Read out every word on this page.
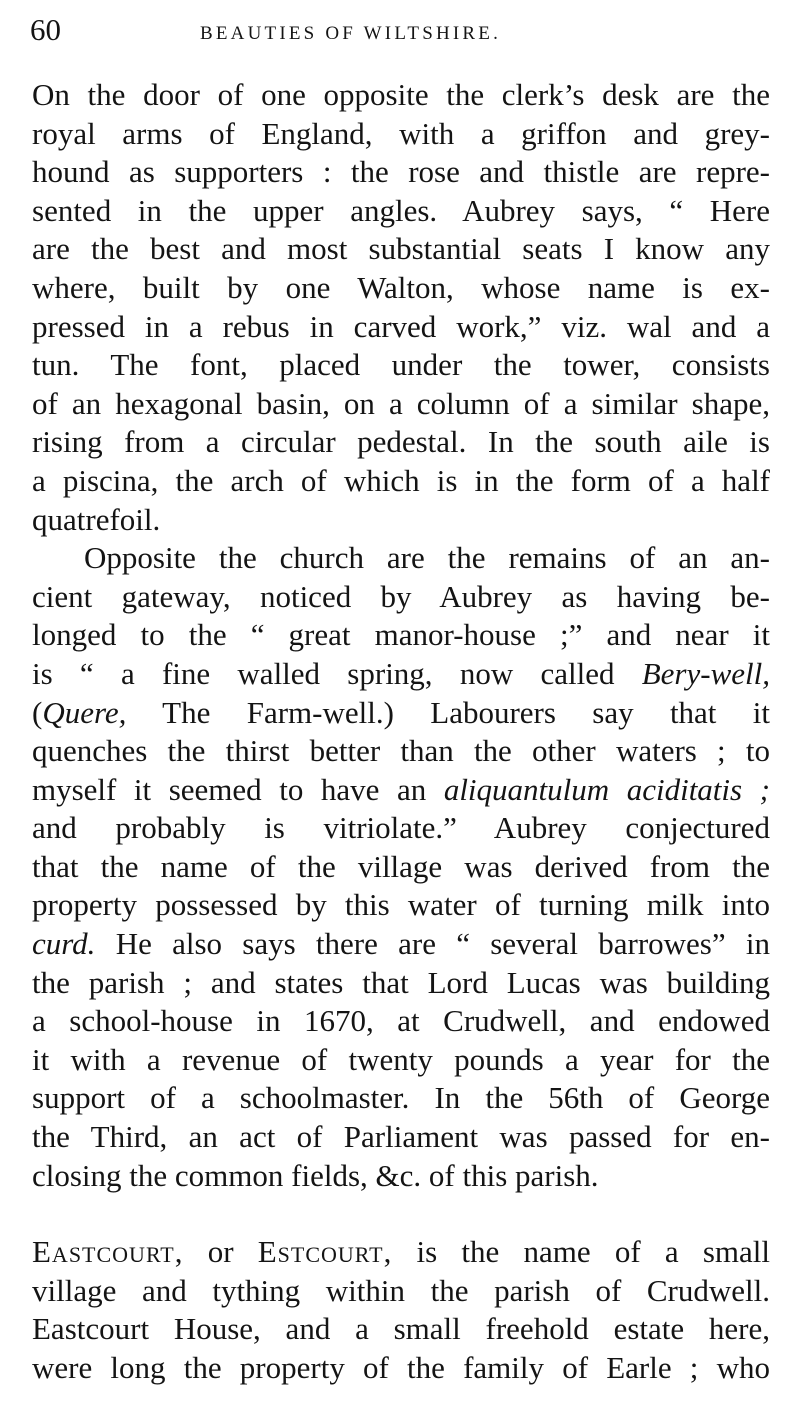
60	BEAUTIES OF WILTSHIRE.
On the door of one opposite the clerk’s desk are the
royal arms of England, with a griffon and grey-
hound as supporters : the rose and thistle are repre-
sented in the upper angles. Aubrey says, “ Here
are the best and most substantial seats I know any
where, built by one Walton, whose name is ex-
pressed in a rebus in carved work,” viz. wal and a
tun. The font, placed under the tower, consists
of an hexagonal basin, on a column of a similar shape,
rising from a circular pedestal. In the south aile is
a piscina, the arch of which is in the form of a half
quatrefoil.
Opposite the church are the remains of an an-
cient gateway, noticed by Aubrey as having be-
longed to the “ great manor-house ;” and near it
is “ a fine walled spring, now called Bery-well,
(Quere, The Farm-well.) Labourers say that it
quenches the thirst better than the other waters ; to
myself it seemed to have an aliquantulum aciditatis ;
and probably is vitriolate.” Aubrey conjectured
that the name of the village was derived from the
property possessed by this water of turning milk into
curd. He also says there are “ several barrowes” in
the parish ; and states that Lord Lucas was building
a school-house in 1670, at Crudwell, and endowed
it with a revenue of twenty pounds a year for the
support of a schoolmaster. In the 56th of George
the Third, an act of Parliament was passed for en-
closing the common fields, &c. of this parish.
Eastcourt, or Estcourt, is the name of a small
village and tything within the parish of Crudwell.
Eastcourt House, and a small freehold estate here,
were long the property of the family of Earle ; who
